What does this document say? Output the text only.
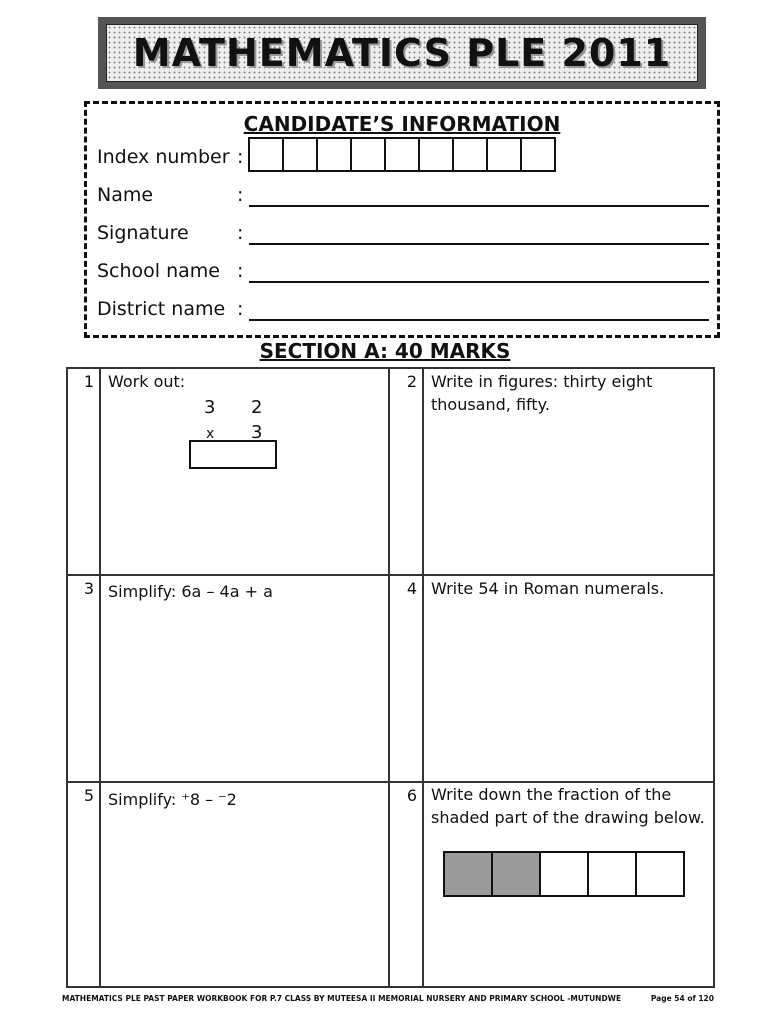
MATHEMATICS PLE 2011
CANDIDATE’S INFORMATION
Index number :
Name	:
Signature	:
School name :
District name :
SECTION A: 40 MARKS
1 Work out:
3 2
x 3
2 Write in figures: thirty eight thousand, fifty.
3 Simplify: 6a – 4a + a	4 Write 54 in Roman numerals.
5 Simplify: ⁺8 – ⁻2	6 Write down the fraction of the shaded part of the drawing below.
MATHEMATICS PLE PAST PAPER WORKBOOK FOR P.7 CLASS BY MUTEESA II MEMORIAL NURSERY AND PRIMARY SCHOOL -MUTUNDWE	Page 54 of 120
